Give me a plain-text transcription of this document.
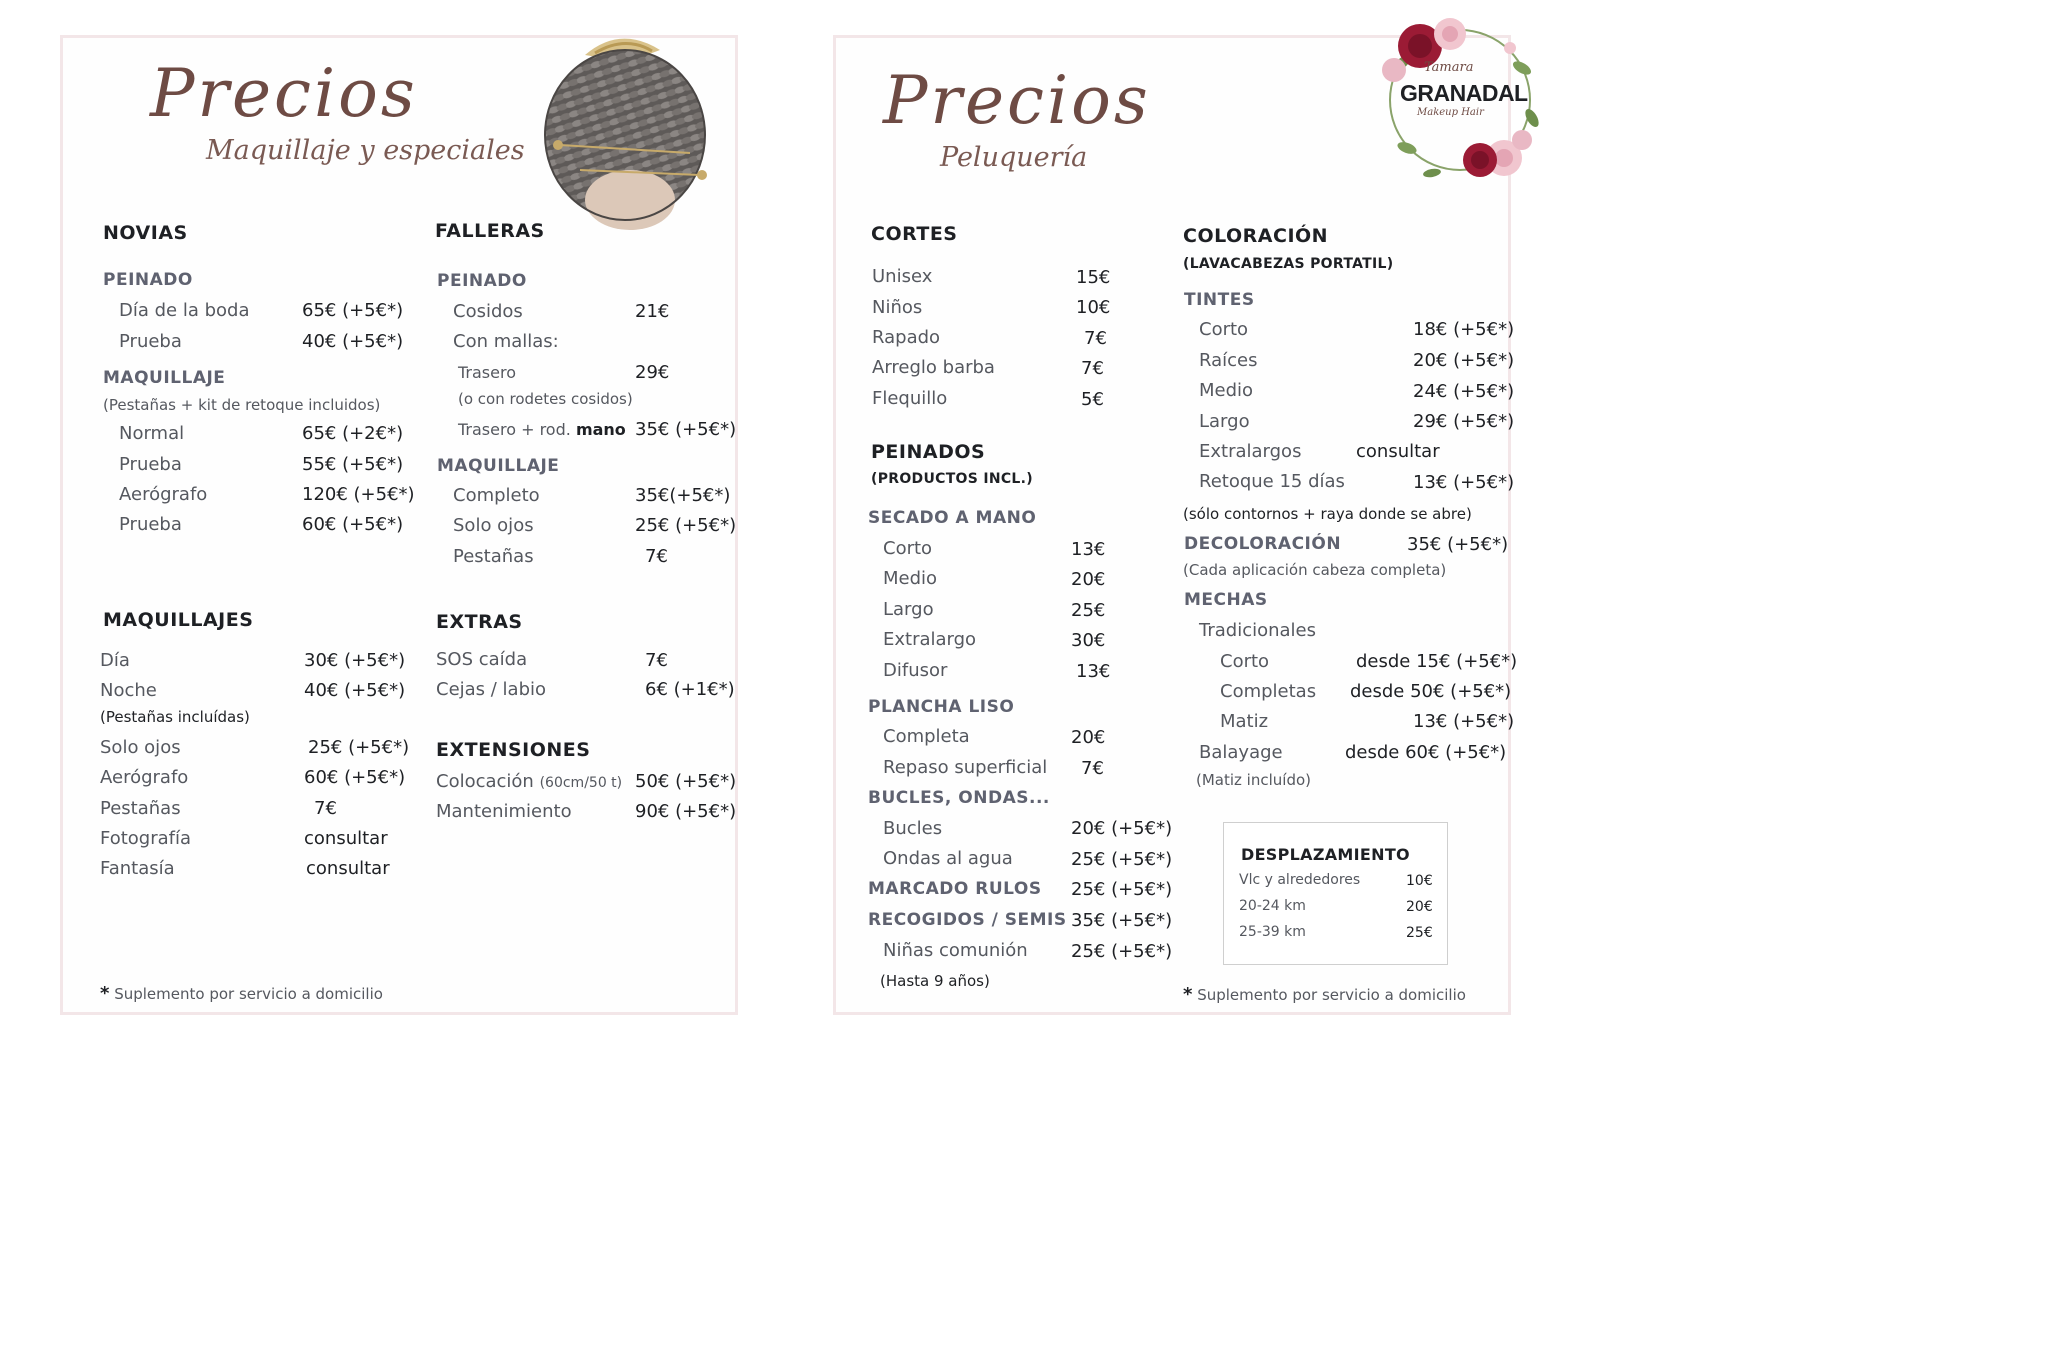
Precios
Maquillaje y especiales
NOVIAS
PEINADO
Día de la boda	65€ (+5€*)
Prueba	40€ (+5€*)
MAQUILLAJE
(Pestañas + kit de retoque incluidos)
Normal	65€ (+2€*)
Prueba	55€ (+5€*)
Aerógrafo	120€ (+5€*)
Prueba	60€ (+5€*)
FALLERAS
PEINADO
Cosidos	21€
Con mallas:
Trasero	29€
(o con rodetes cosidos)
Trasero + rod. mano 35€ (+5€*)
MAQUILLAJE
Completo	35€(+5€*)
Solo ojos	25€ (+5€*)
Pestañas	7€
MAQUILLAJES
Día	30€ (+5€*)
Noche	40€ (+5€*)
(Pestañas incluídas)
Solo ojos	25€ (+5€*)
Aerógrafo	60€ (+5€*)
Pestañas	7€
Fotografía	consultar
Fantasía	consultar
EXTRAS
SOS caída	7€
Cejas / labio	6€ (+1€*)
EXTENSIONES
Colocación (60cm/50 t) 50€ (+5€*)
Mantenimiento	90€ (+5€*)
* Suplemento por servicio a domicilio
Precios
Peluquería
Tamara
GRANADAL
Makeup Hair
CORTES
Unisex	15€
Niños	10€
Rapado	7€
Arreglo barba	7€
Flequillo	5€
PEINADOS
(PRODUCTOS INCL.)
SECADO A MANO
Corto	13€
Medio	20€
Largo	25€
Extralargo	30€
Difusor	13€
PLANCHA LISO
Completa	20€
Repaso superficial 7€
BUCLES, ONDAS...
Bucles	20€ (+5€*)
Ondas al agua	25€ (+5€*)
MARCADO RULOS 25€ (+5€*)
RECOGIDOS / SEMIS 35€ (+5€*)
Niñas comunión 25€ (+5€*)
(Hasta 9 años)
COLORACIÓN
(LAVACABEZAS PORTATIL)
TINTES
Corto	18€ (+5€*)
Raíces	20€ (+5€*)
Medio	24€ (+5€*)
Largo	29€ (+5€*)
Extralargos	consultar
Retoque 15 días	13€ (+5€*)
(sólo contornos + raya donde se abre)
DECOLORACIÓN	35€ (+5€*)
(Cada aplicación cabeza completa)
MECHAS
Tradicionales
Corto	desde 15€ (+5€*)
Completas desde 50€ (+5€*)
Matiz	13€ (+5€*)
Balayage	desde 60€ (+5€*)
(Matiz incluído)
DESPLAZAMIENTO
Vlc y alrededores	10€
20-24 km	20€
25-39 km	25€
* Suplemento por servicio a domicilio
